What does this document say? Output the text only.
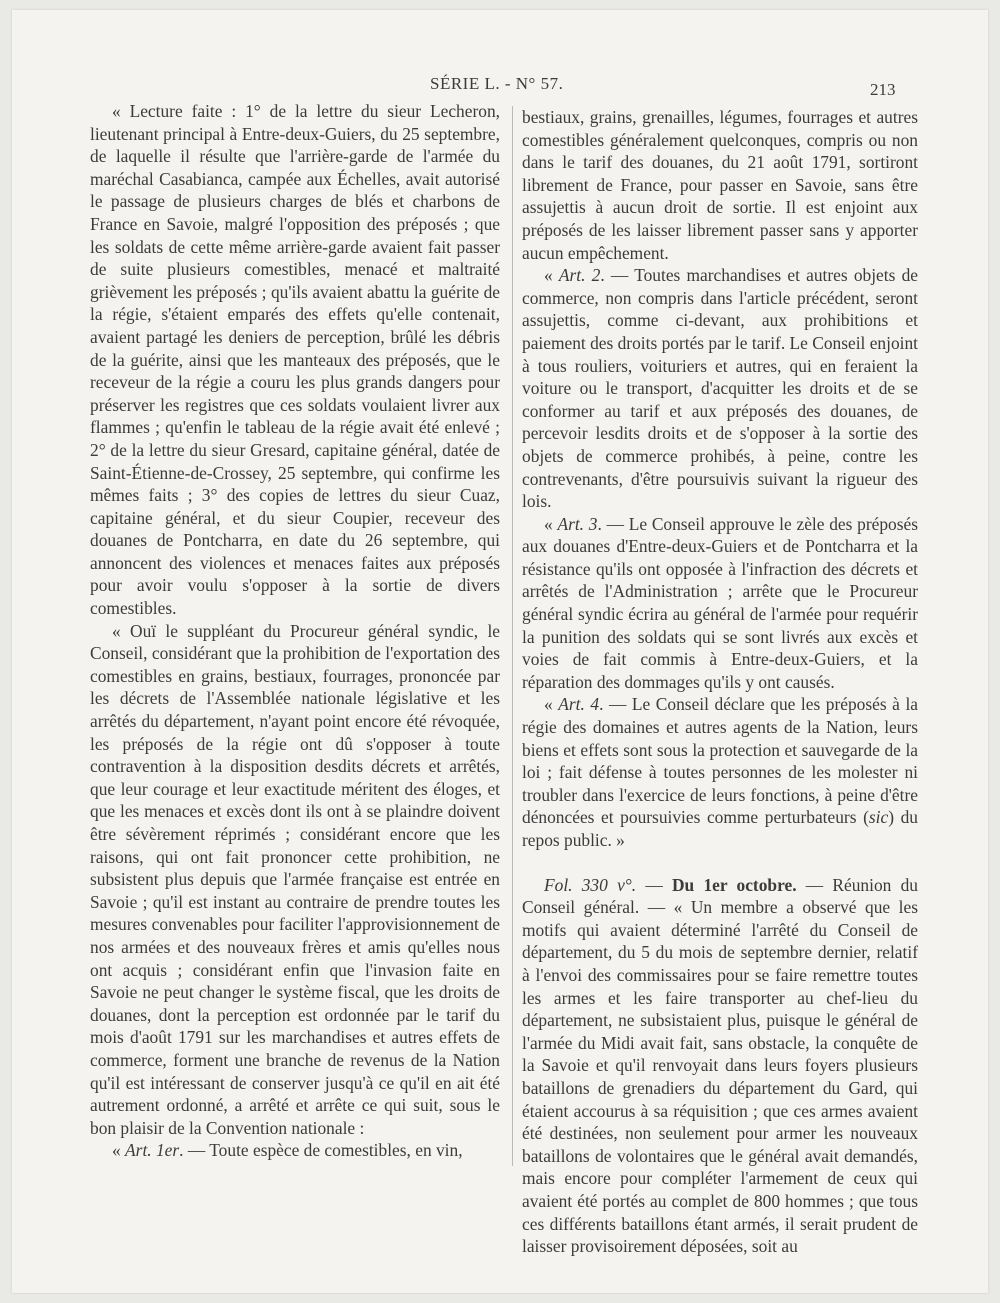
SÉRIE L. - N° 57.	213

« Lecture faite : 1° de la lettre du sieur Lecheron, lieutenant principal à Entre-deux-Guiers, du 25 septembre, de laquelle il résulte que l'arrière-garde de l'armée du maréchal Casabianca, campée aux Échelles, avait autorisé le passage de plusieurs charges de blés et charbons de France en Savoie, malgré l'opposition des préposés ; que les soldats de cette même arrière-garde avaient fait passer de suite plusieurs comestibles, menacé et maltraité grièvement les préposés ; qu'ils avaient abattu la guérite de la régie, s'étaient emparés des effets qu'elle contenait, avaient partagé les deniers de perception, brûlé les débris de la guérite, ainsi que les manteaux des préposés, que le receveur de la régie a couru les plus grands dangers pour préserver les registres que ces soldats voulaient livrer aux flammes ; qu'enfin le tableau de la régie avait été enlevé ; 2° de la lettre du sieur Gresard, capitaine général, datée de Saint-Étienne-de-Crossey, 25 septembre, qui confirme les mêmes faits ; 3° des copies de lettres du sieur Cuaz, capitaine général, et du sieur Coupier, receveur des douanes de Pontcharra, en date du 26 septembre, qui annoncent des violences et menaces faites aux préposés pour avoir voulu s'opposer à la sortie de divers comestibles.

« Ouï le suppléant du Procureur général syndic, le Conseil, considérant que la prohibition de l'exportation des comestibles en grains, bestiaux, fourrages, prononcée par les décrets de l'Assemblée nationale législative et les arrêtés du département, n'ayant point encore été révoquée, les préposés de la régie ont dû s'opposer à toute contravention à la disposition desdits décrets et arrêtés, que leur courage et leur exactitude méritent des éloges, et que les menaces et excès dont ils ont à se plaindre doivent être sévèrement réprimés ; considérant encore que les raisons, qui ont fait prononcer cette prohibition, ne subsistent plus depuis que l'armée française est entrée en Savoie ; qu'il est instant au contraire de prendre toutes les mesures convenables pour faciliter l'approvisionnement de nos armées et des nouveaux frères et amis qu'elles nous ont acquis ; considérant enfin que l'invasion faite en Savoie ne peut changer le système fiscal, que les droits de douanes, dont la perception est ordonnée par le tarif du mois d'août 1791 sur les marchandises et autres effets de commerce, forment une branche de revenus de la Nation qu'il est intéressant de conserver jusqu'à ce qu'il en ait été autrement ordonné, a arrêté et arrête ce qui suit, sous le bon plaisir de la Convention nationale :

« Art. 1er. — Toute espèce de comestibles, en vin,

bestiaux, grains, grenailles, légumes, fourrages et autres comestibles généralement quelconques, compris ou non dans le tarif des douanes, du 21 août 1791, sortiront librement de France, pour passer en Savoie, sans être assujettis à aucun droit de sortie. Il est enjoint aux préposés de les laisser librement passer sans y apporter aucun empêchement.

« Art. 2. — Toutes marchandises et autres objets de commerce, non compris dans l'article précédent, seront assujettis, comme ci-devant, aux prohibitions et paiement des droits portés par le tarif. Le Conseil enjoint à tous rouliers, voituriers et autres, qui en feraient la voiture ou le transport, d'acquitter les droits et de se conformer au tarif et aux préposés des douanes, de percevoir lesdits droits et de s'opposer à la sortie des objets de commerce prohibés, à peine, contre les contrevenants, d'être poursuivis suivant la rigueur des lois.

« Art. 3. — Le Conseil approuve le zèle des préposés aux douanes d'Entre-deux-Guiers et de Pontcharra et la résistance qu'ils ont opposée à l'infraction des décrets et arrêtés de l'Administration ; arrête que le Procureur général syndic écrira au général de l'armée pour requérir la punition des soldats qui se sont livrés aux excès et voies de fait commis à Entre-deux-Guiers, et la réparation des dommages qu'ils y ont causés.

« Art. 4. — Le Conseil déclare que les préposés à la régie des domaines et autres agents de la Nation, leurs biens et effets sont sous la protection et sauvegarde de la loi ; fait défense à toutes personnes de les molester ni troubler dans l'exercice de leurs fonctions, à peine d'être dénoncées et poursuivies comme perturbateurs (sic) du repos public. »

Fol. 330 v°. — Du 1er octobre. — Réunion du Conseil général. — « Un membre a observé que les motifs qui avaient déterminé l'arrêté du Conseil de département, du 5 du mois de septembre dernier, relatif à l'envoi des commissaires pour se faire remettre toutes les armes et les faire transporter au chef-lieu du département, ne subsistaient plus, puisque le général de l'armée du Midi avait fait, sans obstacle, la conquête de la Savoie et qu'il renvoyait dans leurs foyers plusieurs bataillons de grenadiers du département du Gard, qui étaient accourus à sa réquisition ; que ces armes avaient été destinées, non seulement pour armer les nouveaux bataillons de volontaires que le général avait demandés, mais encore pour compléter l'armement de ceux qui avaient été portés au complet de 800 hommes ; que tous ces différents bataillons étant armés, il serait prudent de laisser provisoirement déposées, soit au
